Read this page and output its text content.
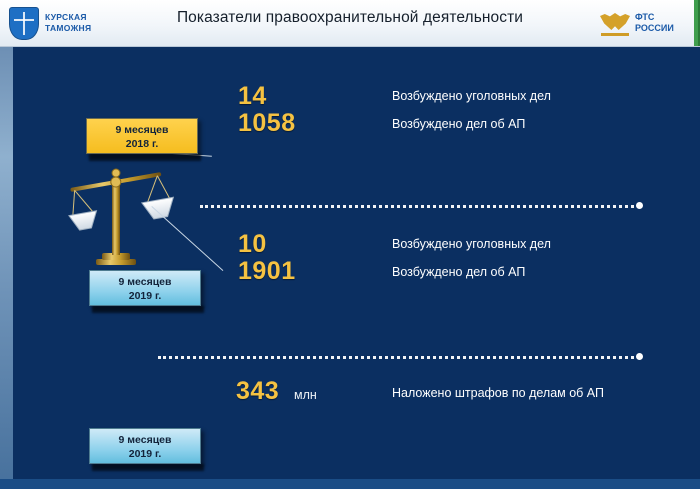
КУРСКАЯ
ТАМОЖНЯ
Показатели правоохранительной деятельности	ФТС
РОССИИ
9 месяцев
2018 г.
9 месяцев
2019 г.
9 месяцев
2019 г.
14	Возбуждено уголовных дел
1058	Возбуждено дел об АП
10	Возбуждено уголовных дел
1901	Возбуждено дел об АП
343 млн	Наложено штрафов по делам об АП
